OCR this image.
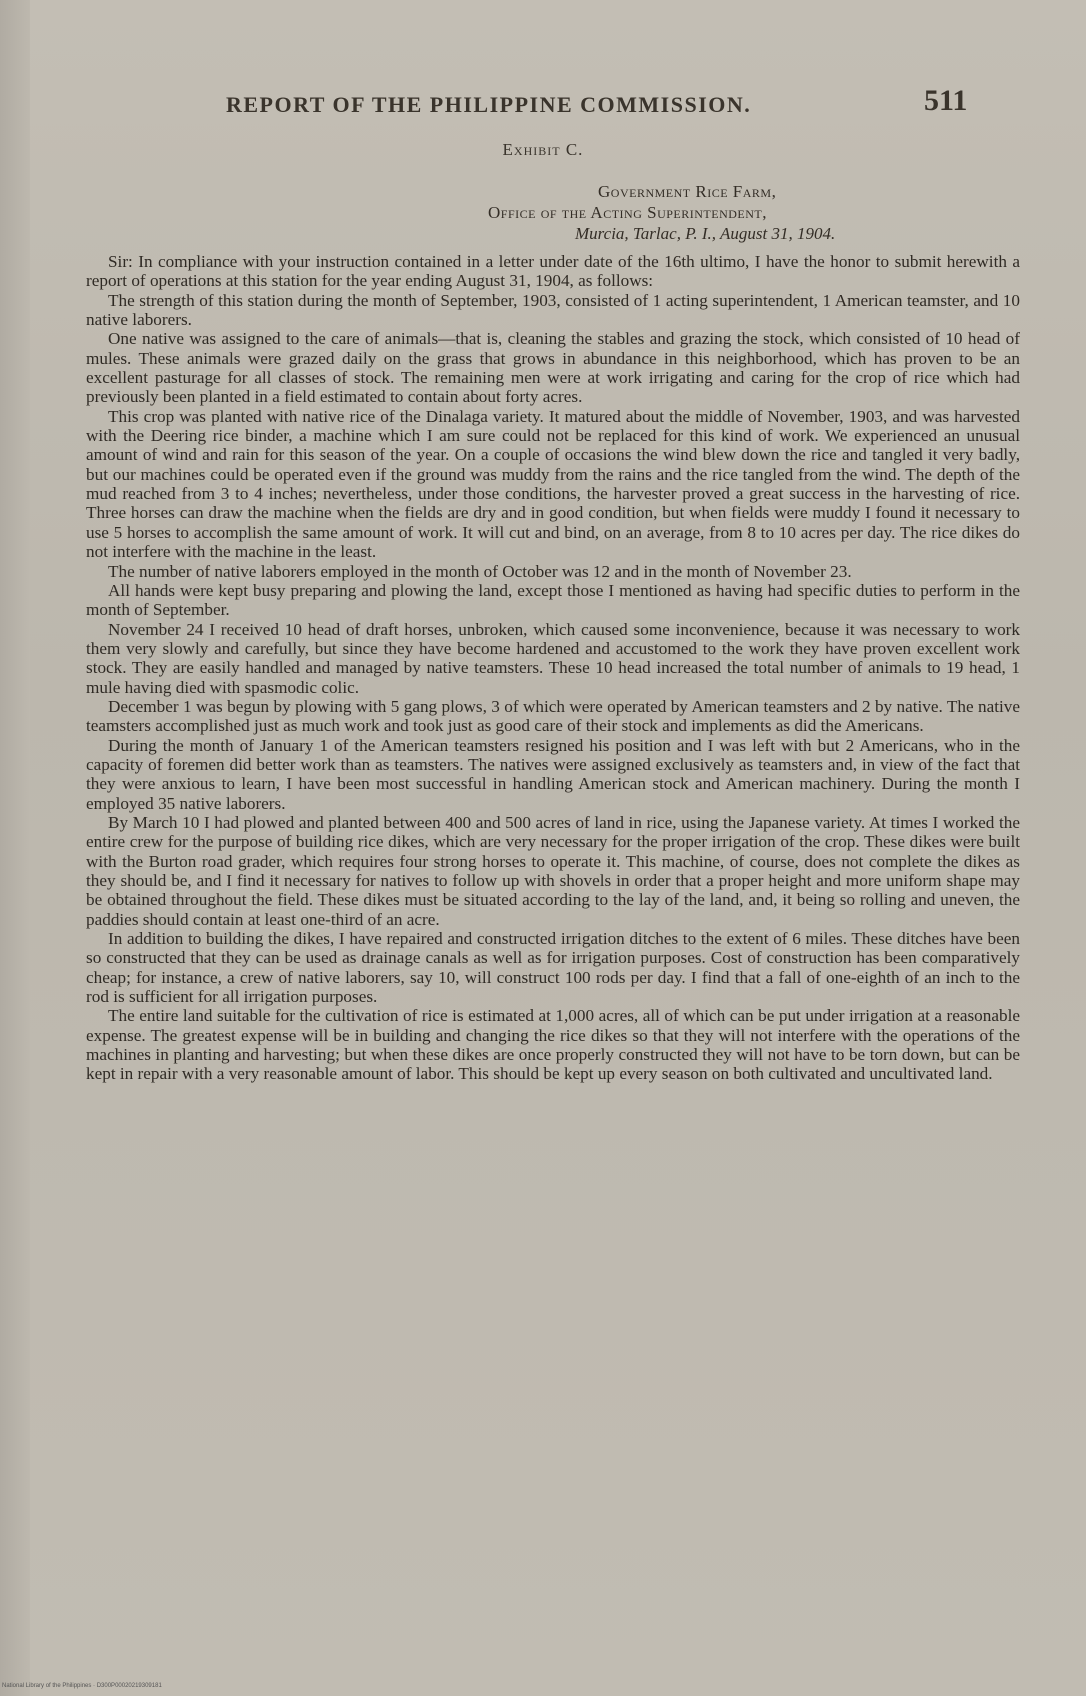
REPORT OF THE PHILIPPINE COMMISSION.	511
Exhibit C.
Government Rice Farm,
Office of the Acting Superintendent,
Murcia, Tarlac, P. I., August 31, 1904.

Sir: In compliance with your instruction contained in a letter under date of the 16th ultimo, I have the honor to submit herewith a report of operations at this station for the year ending August 31, 1904, as follows:

The strength of this station during the month of September, 1903, consisted of 1 acting superintendent, 1 American teamster, and 10 native laborers.

One native was assigned to the care of animals—that is, cleaning the stables and grazing the stock, which consisted of 10 head of mules. These animals were grazed daily on the grass that grows in abundance in this neighborhood, which has proven to be an excellent pasturage for all classes of stock. The remaining men were at work irrigating and caring for the crop of rice which had previously been planted in a field estimated to contain about forty acres.

This crop was planted with native rice of the Dinalaga variety. It matured about the middle of November, 1903, and was harvested with the Deering rice binder, a machine which I am sure could not be replaced for this kind of work. We experienced an unusual amount of wind and rain for this season of the year. On a couple of occasions the wind blew down the rice and tangled it very badly, but our machines could be operated even if the ground was muddy from the rains and the rice tangled from the wind. The depth of the mud reached from 3 to 4 inches; nevertheless, under those conditions, the harvester proved a great success in the harvesting of rice. Three horses can draw the machine when the fields are dry and in good condition, but when fields were muddy I found it necessary to use 5 horses to accomplish the same amount of work. It will cut and bind, on an average, from 8 to 10 acres per day. The rice dikes do not interfere with the machine in the least.

The number of native laborers employed in the month of October was 12 and in the month of November 23.

All hands were kept busy preparing and plowing the land, except those I mentioned as having had specific duties to perform in the month of September.

November 24 I received 10 head of draft horses, unbroken, which caused some inconvenience, because it was necessary to work them very slowly and carefully, but since they have become hardened and accustomed to the work they have proven excellent work stock. They are easily handled and managed by native teamsters. These 10 head increased the total number of animals to 19 head, 1 mule having died with spasmodic colic.

December 1 was begun by plowing with 5 gang plows, 3 of which were operated by American teamsters and 2 by native. The native teamsters accomplished just as much work and took just as good care of their stock and implements as did the Americans.

During the month of January 1 of the American teamsters resigned his position and I was left with but 2 Americans, who in the capacity of foremen did better work than as teamsters. The natives were assigned exclusively as teamsters and, in view of the fact that they were anxious to learn, I have been most successful in handling American stock and American machinery. During the month I employed 35 native laborers.

By March 10 I had plowed and planted between 400 and 500 acres of land in rice, using the Japanese variety. At times I worked the entire crew for the purpose of building rice dikes, which are very necessary for the proper irrigation of the crop. These dikes were built with the Burton road grader, which requires four strong horses to operate it. This machine, of course, does not complete the dikes as they should be, and I find it necessary for natives to follow up with shovels in order that a proper height and more uniform shape may be obtained throughout the field. These dikes must be situated according to the lay of the land, and, it being so rolling and uneven, the paddies should contain at least one-third of an acre.

In addition to building the dikes, I have repaired and constructed irrigation ditches to the extent of 6 miles. These ditches have been so constructed that they can be used as drainage canals as well as for irrigation purposes. Cost of construction has been comparatively cheap; for instance, a crew of native laborers, say 10, will construct 100 rods per day. I find that a fall of one-eighth of an inch to the rod is sufficient for all irrigation purposes.

The entire land suitable for the cultivation of rice is estimated at 1,000 acres, all of which can be put under irrigation at a reasonable expense. The greatest expense will be in building and changing the rice dikes so that they will not interfere with the operations of the machines in planting and harvesting; but when these dikes are once properly constructed they will not have to be torn down, but can be kept in repair with a very reasonable amount of labor. This should be kept up every season on both cultivated and uncultivated land.

National Library of the Philippines · D300P00020219309181
